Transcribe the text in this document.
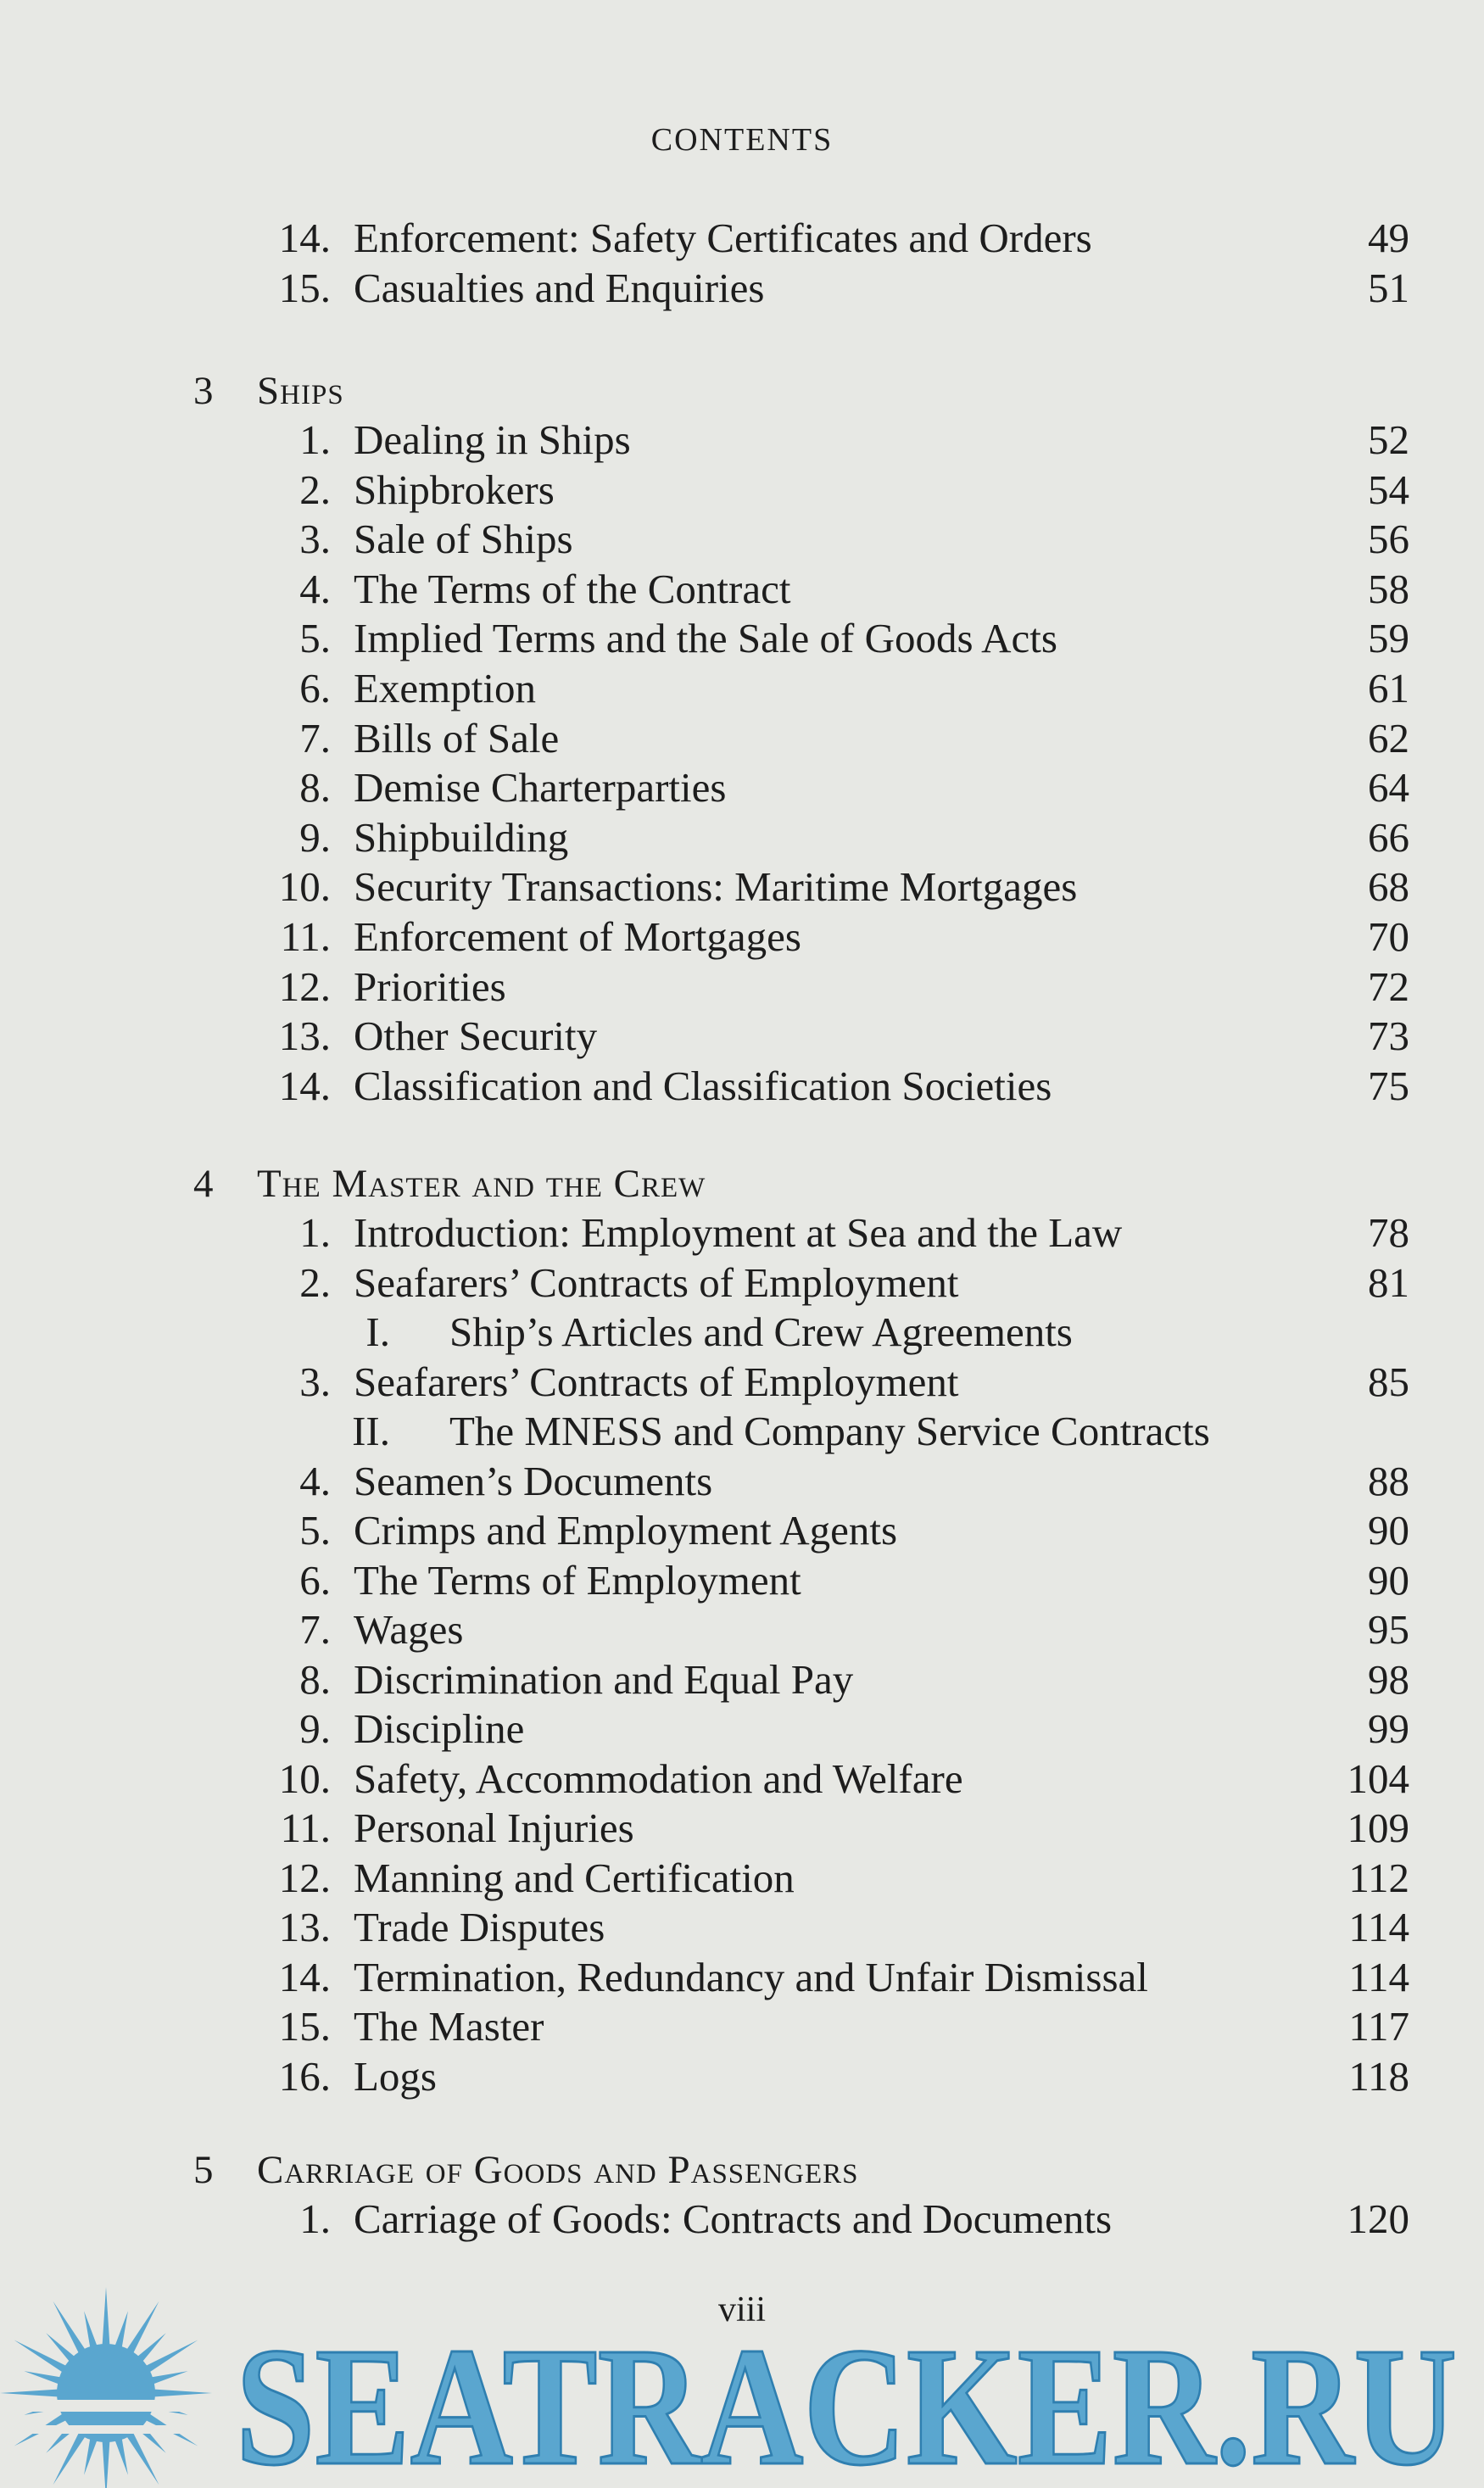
CONTENTS
14. Enforcement: Safety Certificates and Orders	49
15. Casualties and Enquiries	51
3 Ships
1. Dealing in Ships	52
2. Shipbrokers	54
3. Sale of Ships	56
4. The Terms of the Contract	58
5. Implied Terms and the Sale of Goods Acts	59
6. Exemption	61
7. Bills of Sale	62
8. Demise Charterparties	64
9. Shipbuilding	66
10. Security Transactions: Maritime Mortgages	68
11. Enforcement of Mortgages	70
12. Priorities	72
13. Other Security	73
14. Classification and Classification Societies	75
4 The Master and the Crew
1. Introduction: Employment at Sea and the Law	78
2. Seafarers’ Contracts of Employment	81
I. Ship’s Articles and Crew Agreements
3. Seafarers’ Contracts of Employment	85
II. The MNESS and Company Service Contracts
4. Seamen’s Documents	88
5. Crimps and Employment Agents	90
6. The Terms of Employment	90
7. Wages	95
8. Discrimination and Equal Pay	98
9. Discipline	99
10. Safety, Accommodation and Welfare	104
11. Personal Injuries	109
12. Manning and Certification	112
13. Trade Disputes	114
14. Termination, Redundancy and Unfair Dismissal	114
15. The Master	117
16. Logs	118
5 Carriage of Goods and Passengers
1. Carriage of Goods: Contracts and Documents	120
viii
SEATRACKER.RU
